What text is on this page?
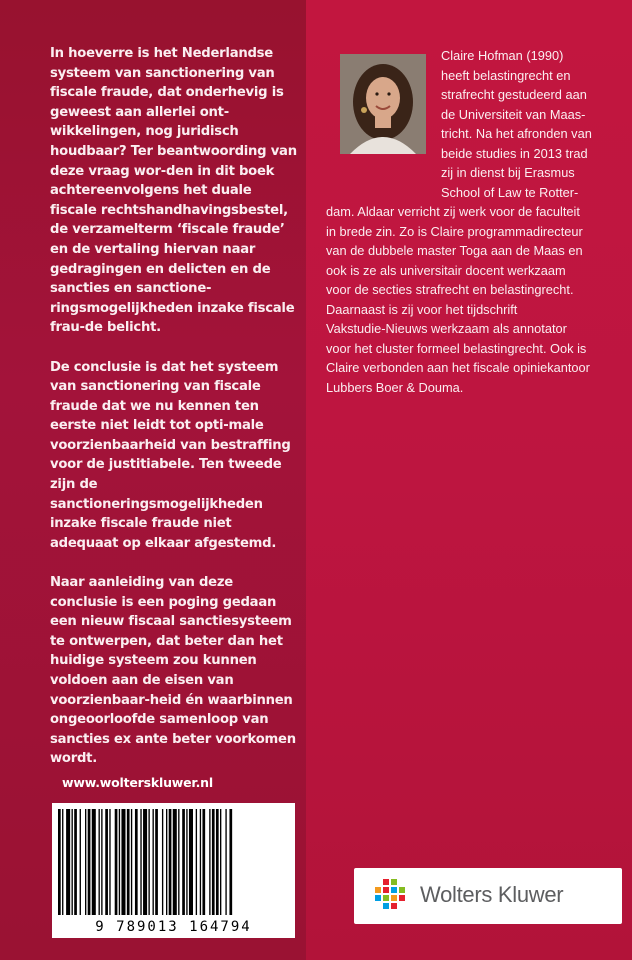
In hoeverre is het Nederlandse systeem van sanctionering van fiscale fraude, dat onderhevig is geweest aan allerlei ont-wikkelingen, nog juridisch houdbaar? Ter beantwoording van deze vraag wor-den in dit boek achtereenvolgens het duale fiscale rechtshandhavingsbestel, de verzamelterm ‘fiscale fraude’ en de vertaling hiervan naar gedragingen en delicten en de sancties en sanctione-ringsmogelijkheden inzake fiscale frau-de belicht.

De conclusie is dat het systeem van sanctionering van fiscale fraude dat we nu kennen ten eerste niet leidt tot opti-male voorzienbaarheid van bestraffing voor de justitiabele. Ten tweede zijn de sanctioneringsmogelijkheden inzake fiscale fraude niet adequaat op elkaar afgestemd.

Naar aanleiding van deze conclusie is een poging gedaan een nieuw fiscaal sanctiesysteem te ontwerpen, dat beter dan het huidige systeem zou kunnen voldoen aan de eisen van voorzienbaar-heid én waarbinnen ongeoorloofde samenloop van sancties ex ante beter voorkomen wordt.

Claire Hofman (1990)
heeft belastingrecht en
strafrecht gestudeerd aan
de Universiteit van Maas-
tricht. Na het afronden van
beide studies in 2013 trad
zij in dienst bij Erasmus
School of Law te Rotter-
dam. Aldaar verricht zij werk voor de faculteit
in brede zin. Zo is Claire programmadirecteur
van de dubbele master Toga aan de Maas en
ook is ze als universitair docent werkzaam
voor de secties strafrecht en belastingrecht.
Daarnaast is zij voor het tijdschrift
Vakstudie-Nieuws werkzaam als annotator
voor het cluster formeel belastingrecht. Ook is
Claire verbonden aan het fiscale opiniekantoor
Lubbers Boer & Douma.
www.wolterskluwer.nl
9 789013 164794
Wolters Kluwer
